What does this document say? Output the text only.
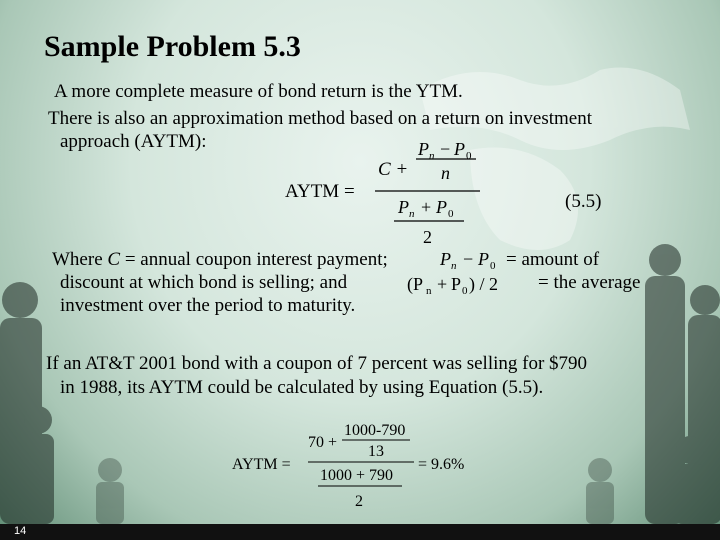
Sample Problem 5.3
A more complete measure of bond return is the YTM.
There is also an approximation method based on a return on investment
approach (AYTM):
AYTM =
C +
P n − P 0
n
P n + P 0
2
(5.5)
Where C = annual coupon interest payment;	P n − P 0 = amount of
discount at which bond is selling; and	(P n + P 0 ) / 2 = the average
investment over the period to maturity.
If an AT&T 2001 bond with a coupon of 7 percent was selling for $790
in 1988, its AYTM could be calculated by using Equation (5.5).
AYTM =
70 +
1000-790
13
1000 + 790
2
= 9.6%
14
